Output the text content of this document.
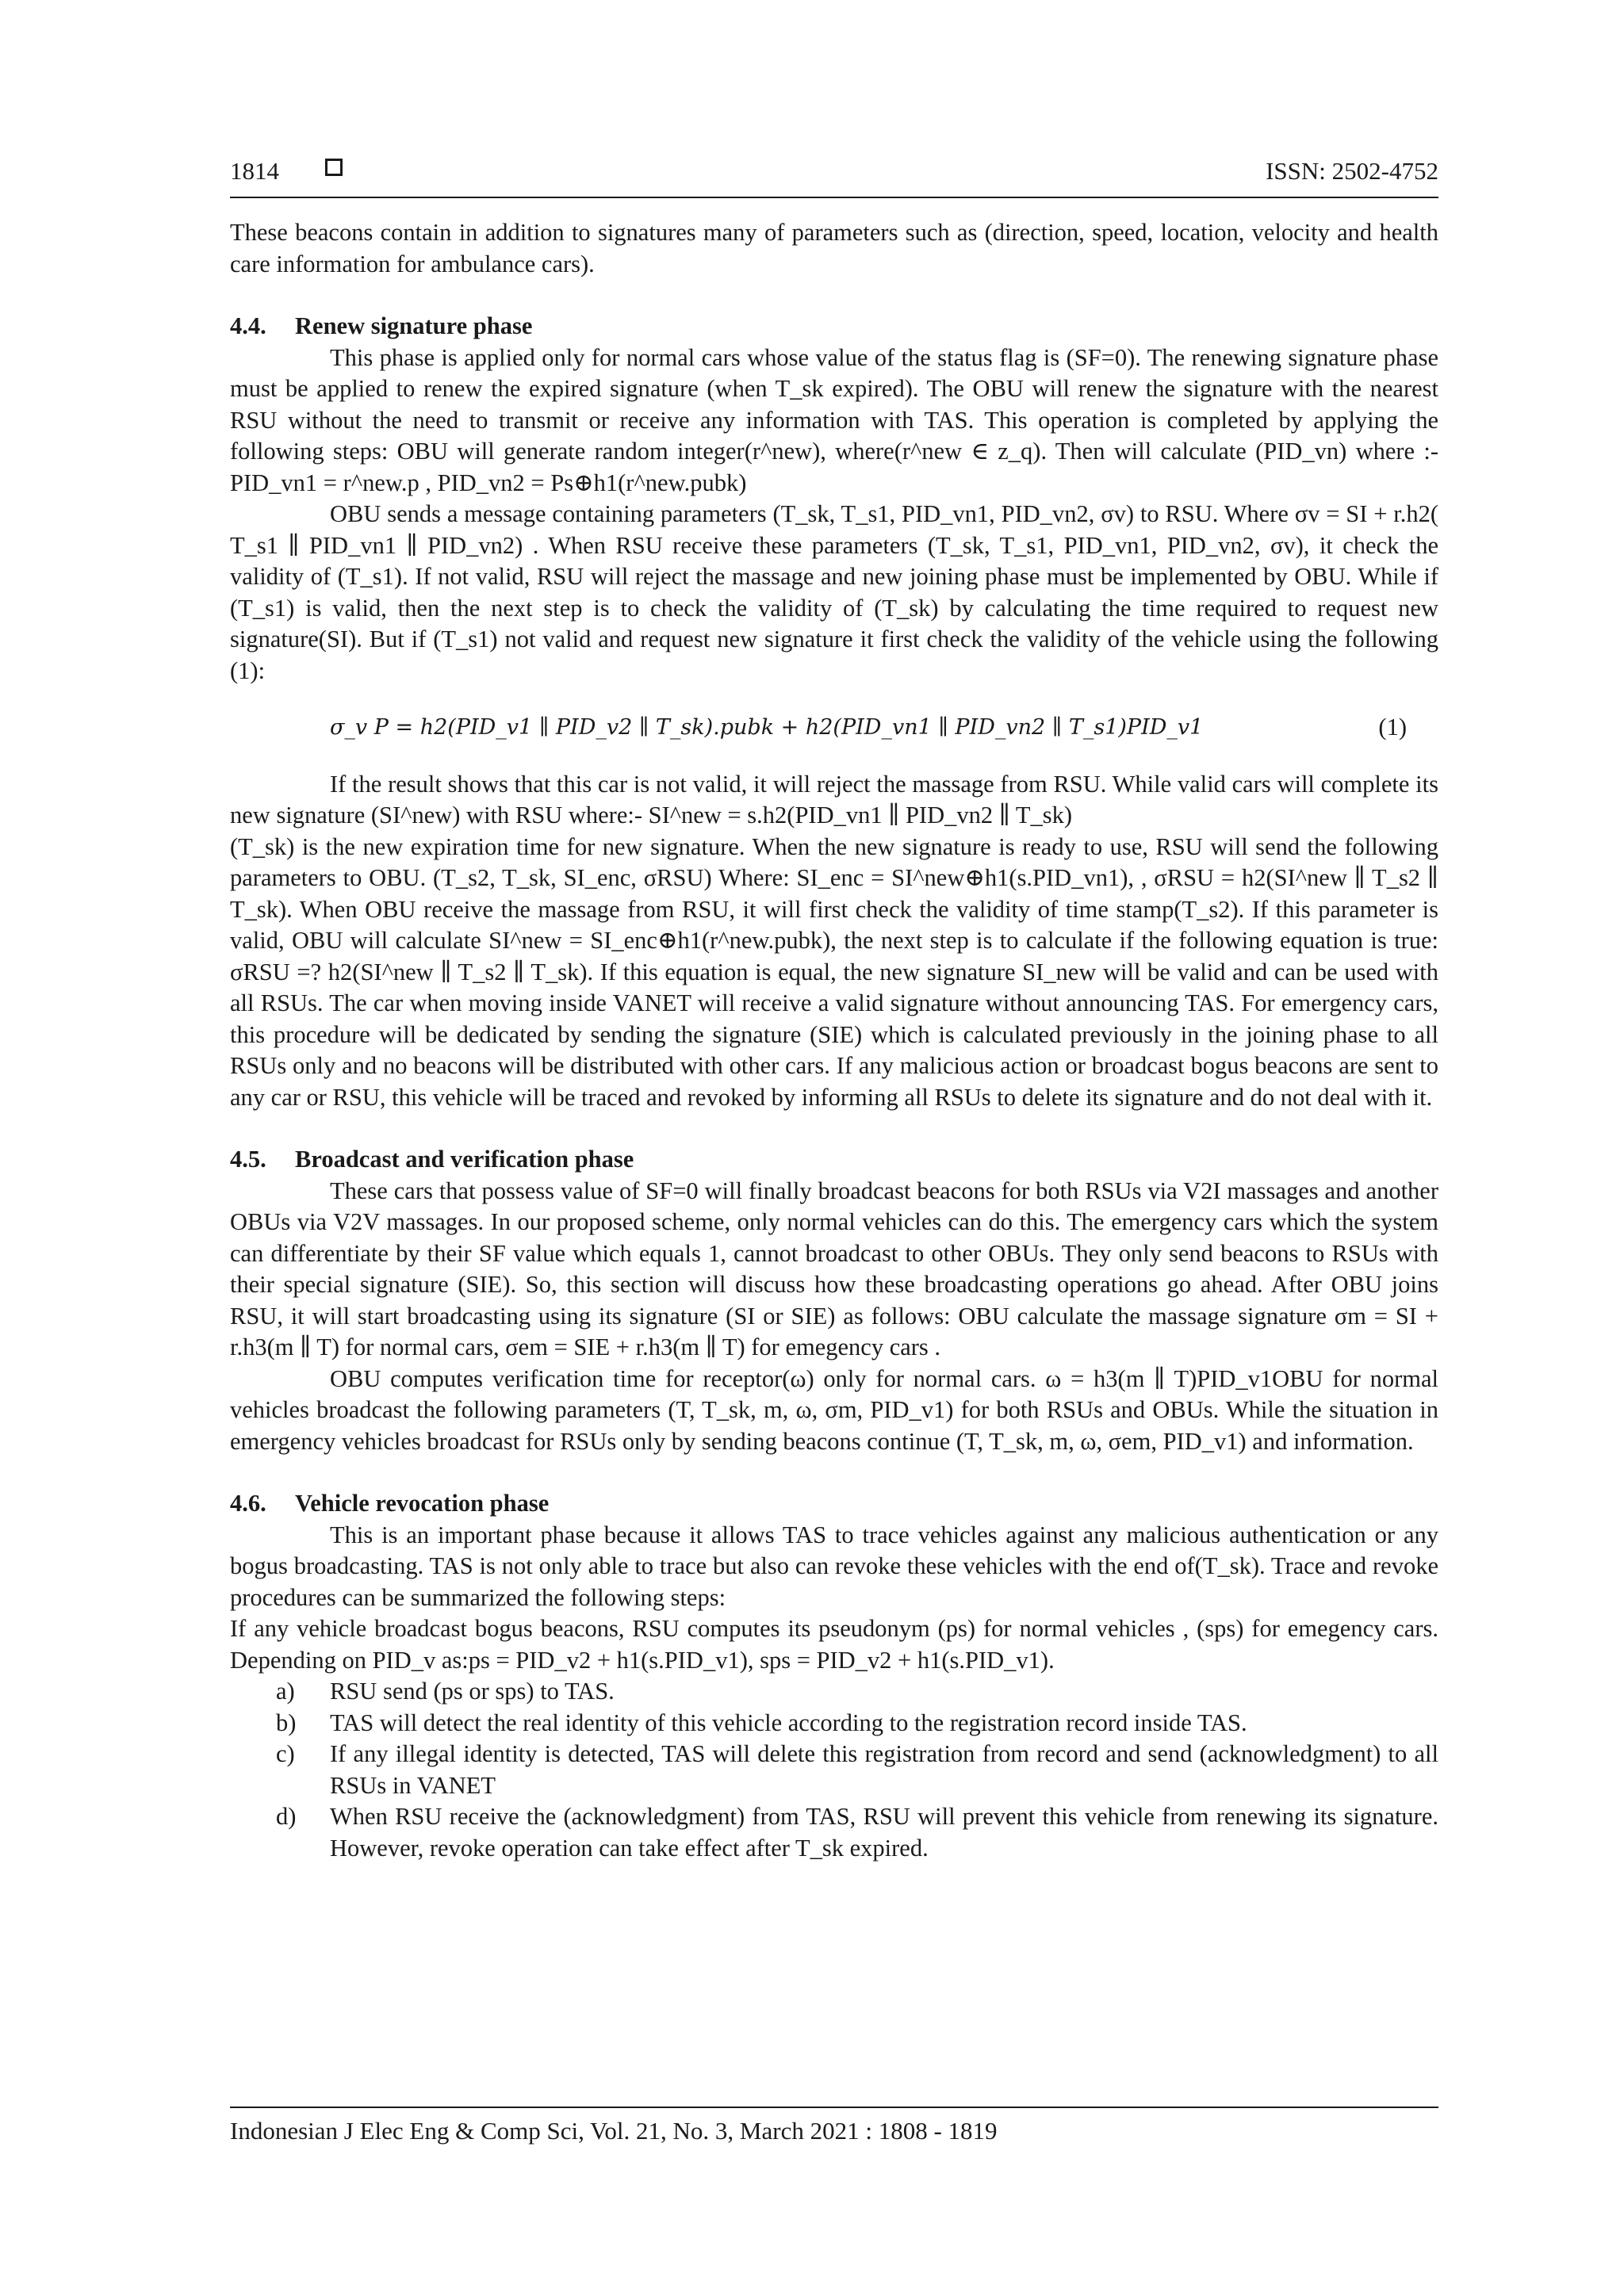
1814	ISSN: 2502-4752

These beacons contain in addition to signatures many of parameters such as (direction, speed, location, velocity and health care information for ambulance cars).

4.4. Renew signature phase

This phase is applied only for normal cars whose value of the status flag is (SF=0). The renewing signature phase must be applied to renew the expired signature (when T_sk expired). The OBU will renew the signature with the nearest RSU without the need to transmit or receive any information with TAS. This operation is completed by applying the following steps: OBU will generate random integer(r^new), where(r^new ∈ z_q). Then will calculate (PID_vn) where :-PID_vn1 = r^new.p , PID_vn2 = Ps⊕h1(r^new.pubk)

OBU sends a message containing parameters (T_sk, T_s1, PID_vn1, PID_vn2, σv) to RSU. Where σv = SI + r.h2( T_s1 ∥ PID_vn1 ∥ PID_vn2) . When RSU receive these parameters (T_sk, T_s1, PID_vn1, PID_vn2, σv), it check the validity of (T_s1). If not valid, RSU will reject the massage and new joining phase must be implemented by OBU. While if (T_s1) is valid, then the next step is to check the validity of (T_sk) by calculating the time required to request new signature(SI). But if (T_s1) not valid and request new signature it first check the validity of the vehicle using the following (1):

σ_v P = h2(PID_v1 ∥ PID_v2 ∥ T_sk).pubk + h2(PID_vn1 ∥ PID_vn2 ∥ T_s1)PID_v1	(1)

If the result shows that this car is not valid, it will reject the massage from RSU. While valid cars will complete its new signature (SI^new) with RSU where:- SI^new = s.h2(PID_vn1 ∥ PID_vn2 ∥ T_sk)

(T_sk) is the new expiration time for new signature. When the new signature is ready to use, RSU will send the following parameters to OBU. (T_s2, T_sk, SI_enc, σRSU) Where: SI_enc = SI^new⊕h1(s.PID_vn1), , σRSU = h2(SI^new ∥ T_s2 ∥ T_sk). When OBU receive the massage from RSU, it will first check the validity of time stamp(T_s2). If this parameter is valid, OBU will calculate SI^new = SI_enc⊕h1(r^new.pubk), the next step is to calculate if the following equation is true: σRSU =? h2(SI^new ∥ T_s2 ∥ T_sk). If this equation is equal, the new signature SI_new will be valid and can be used with all RSUs. The car when moving inside VANET will receive a valid signature without announcing TAS. For emergency cars, this procedure will be dedicated by sending the signature (SIE) which is calculated previously in the joining phase to all RSUs only and no beacons will be distributed with other cars. If any malicious action or broadcast bogus beacons are sent to any car or RSU, this vehicle will be traced and revoked by informing all RSUs to delete its signature and do not deal with it.

4.5. Broadcast and verification phase

These cars that possess value of SF=0 will finally broadcast beacons for both RSUs via V2I massages and another OBUs via V2V massages. In our proposed scheme, only normal vehicles can do this. The emergency cars which the system can differentiate by their SF value which equals 1, cannot broadcast to other OBUs. They only send beacons to RSUs with their special signature (SIE). So, this section will discuss how these broadcasting operations go ahead. After OBU joins RSU, it will start broadcasting using its signature (SI or SIE) as follows: OBU calculate the massage signature σm = SI + r.h3(m ∥ T) for normal cars, σem = SIE + r.h3(m ∥ T) for emegency cars .

OBU computes verification time for receptor(ω) only for normal cars. ω = h3(m ∥ T)PID_v1OBU for normal vehicles broadcast the following parameters (T, T_sk, m, ω, σm, PID_v1) for both RSUs and OBUs. While the situation in emergency vehicles broadcast for RSUs only by sending beacons continue (T, T_sk, m, ω, σem, PID_v1) and information.

4.6. Vehicle revocation phase

This is an important phase because it allows TAS to trace vehicles against any malicious authentication or any bogus broadcasting. TAS is not only able to trace but also can revoke these vehicles with the end of(T_sk). Trace and revoke procedures can be summarized the following steps:

If any vehicle broadcast bogus beacons, RSU computes its pseudonym (ps) for normal vehicles , (sps) for emegency cars. Depending on PID_v as:ps = PID_v2 + h1(s.PID_v1), sps = PID_v2 + h1(s.PID_v1).

a) RSU send (ps or sps) to TAS.
b) TAS will detect the real identity of this vehicle according to the registration record inside TAS.
c) If any illegal identity is detected, TAS will delete this registration from record and send (acknowledgment) to all RSUs in VANET
d) When RSU receive the (acknowledgment) from TAS, RSU will prevent this vehicle from renewing its signature. However, revoke operation can take effect after T_sk expired.
Indonesian J Elec Eng & Comp Sci, Vol. 21, No. 3, March 2021 : 1808 - 1819
